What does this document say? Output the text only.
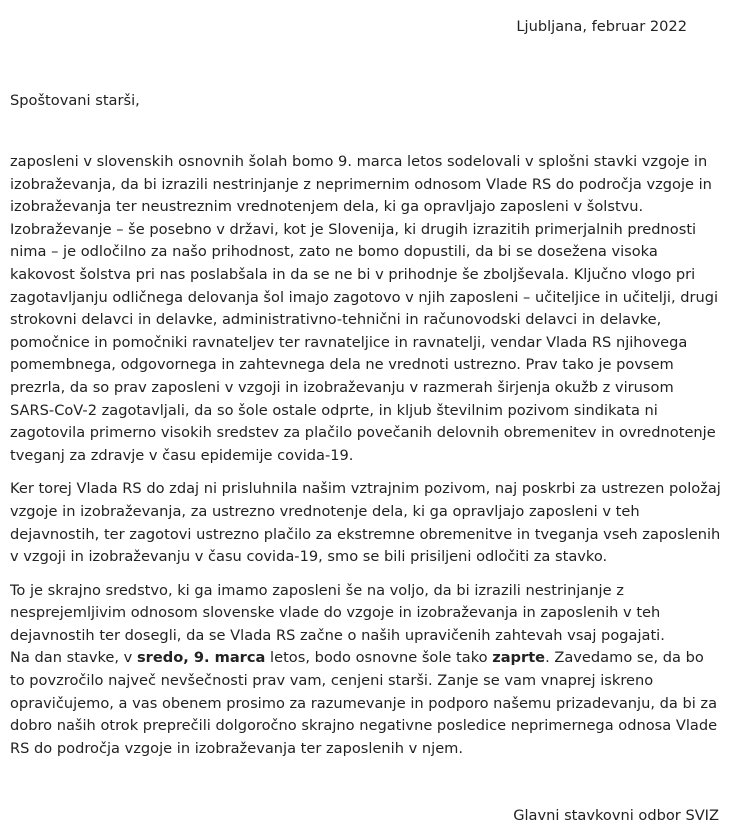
Ljubljana, februar 2022
Spoštovani starši,

zaposleni v slovenskih osnovnih šolah bomo 9. marca letos sodelovali v splošni stavki vzgoje in izobraževanja, da bi izrazili nestrinjanje z neprimernim odnosom Vlade RS do področja vzgoje in izobraževanja ter neustreznim vrednotenjem dela, ki ga opravljajo zaposleni v šolstvu. Izobraževanje – še posebno v državi, kot je Slovenija, ki drugih izrazitih primerjalnih prednosti nima – je odločilno za našo prihodnost, zato ne bomo dopustili, da bi se dosežena visoka kakovost šolstva pri nas poslabšala in da se ne bi v prihodnje še zboljševala. Ključno vlogo pri zagotavljanju odličnega delovanja šol imajo zagotovo v njih zaposleni – učiteljice in učitelji, drugi strokovni delavci in delavke, administrativno-tehnični in računovodski delavci in delavke, pomočnice in pomočniki ravnateljev ter ravnateljice in ravnatelji, vendar Vlada RS njihovega pomembnega, odgovornega in zahtevnega dela ne vrednoti ustrezno. Prav tako je povsem prezrla, da so prav zaposleni v vzgoji in izobraževanju v razmerah širjenja okužb z virusom SARS-CoV-2 zagotavljali, da so šole ostale odprte, in kljub številnim pozivom sindikata ni zagotovila primerno visokih sredstev za plačilo povečanih delovnih obremenitev in ovrednotenje tveganj za zdravje v času epidemije covida-19.

Ker torej Vlada RS do zdaj ni prisluhnila našim vztrajnim pozivom, naj poskrbi za ustrezen položaj vzgoje in izobraževanja, za ustrezno vrednotenje dela, ki ga opravljajo zaposleni v teh dejavnostih, ter zagotovi ustrezno plačilo za ekstremne obremenitve in tveganja vseh zaposlenih v vzgoji in izobraževanju v času covida-19, smo se bili prisiljeni odločiti za stavko.

To je skrajno sredstvo, ki ga imamo zaposleni še na voljo, da bi izrazili nestrinjanje z nesprejemljivim odnosom slovenske vlade do vzgoje in izobraževanja in zaposlenih v teh dejavnostih ter dosegli, da se Vlada RS začne o naših upravičenih zahtevah vsaj pogajati.

Na dan stavke, v sredo, 9. marca letos, bodo osnovne šole tako zaprte. Zavedamo se, da bo to povzročilo največ nevšečnosti prav vam, cenjeni starši. Zanje se vam vnaprej iskreno opravičujemo, a vas obenem prosimo za razumevanje in podporo našemu prizadevanju, da bi za dobro naših otrok preprečili dolgoročno skrajno negativne posledice neprimernega odnosa Vlade RS do področja vzgoje in izobraževanja ter zaposlenih v njem.

Glavni stavkovni odbor SVIZ
